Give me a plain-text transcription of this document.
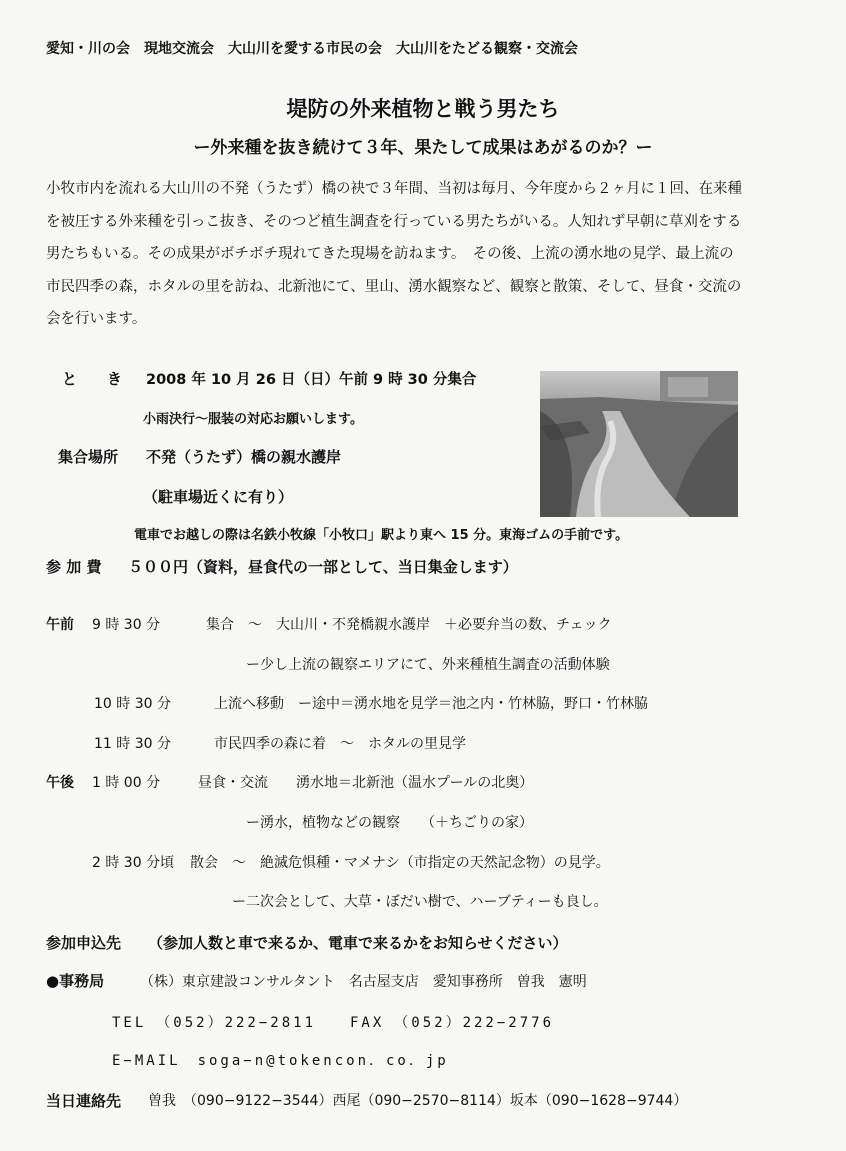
愛知・川の会　現地交流会　大山川を愛する市民の会　大山川をたどる観察・交流会
堤防の外来植物と戦う男たち
ー外来種を抜き続けて３年、果たして成果はあがるのか？ー
小牧市内を流れる大山川の不発（うたず）橋の袂で３年間、当初は毎月、今年度から２ヶ月に１回、在来種
を被圧する外来種を引っこ抜き、そのつど植生調査を行っている男たちがいる。人知れず早朝に草刈をする
男たちもいる。その成果がボチボチ現れてきた現場を訪ねます。　その後、上流の湧水地の見学、最上流の
市民四季の森，ホタルの里を訪ね、北新池にて、里山、湧水観察など、観察と散策、そして、昼食・交流の
会を行います。
と　　き 2008 年 10 月 26 日（日）午前 9 時 30 分集合
小雨決行〜服装の対応お願いします。
集合場所 不発（うたず）橋の親水護岸
（駐車場近くに有り）
電車でお越しの際は名鉄小牧線「小牧口」駅より東へ 15 分。東海ゴムの手前です。
参 加 費 ５００円（資料，昼食代の一部として、当日集金します）
午前 9 時 30 分	集合　〜　大山川・不発橋親水護岸　＋必要弁当の数、チェック
ー少し上流の観察エリアにて、外来種植生調査の活動体験
10 時 30 分	上流へ移動　ー途中＝湧水地を見学＝池之内・竹林脇，野口・竹林脇
11 時 30 分	市民四季の森に着　〜　ホタルの里見学
午後 1 時 00 分	昼食・交流　　湧水地＝北新池（温水プールの北奥）
ー湧水，植物などの観察　　（＋ちごりの家）
2 時 30 分頃 散会　〜　絶滅危惧種・マメナシ（市指定の天然記念物）の見学。
ー二次会として、大草・ぼだい樹で、ハーブティーも良し。
参加申込先 （参加人数と車で来るか、電車で来るかをお知らせください）
●事務局	（株）東京建設コンサルタント　名古屋支店　愛知事務所　曽我　憲明
TEL　（052）222−2811　　FAX　（052）222−2776
E−MAIL　soga−n@tokencon．co．jp
当日連絡先 曽我　（090−9122−3544）西尾（090−2570−8114）坂本（090−1628−9744）
